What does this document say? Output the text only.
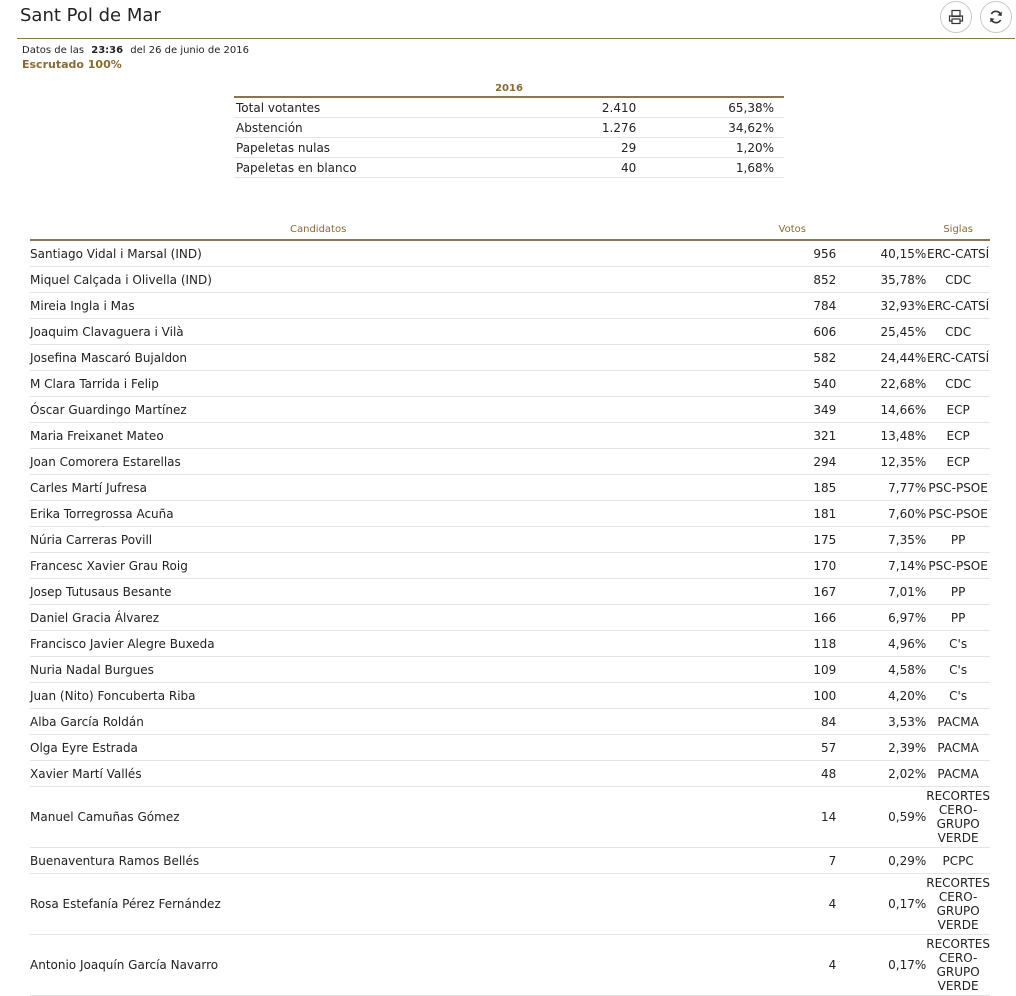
Sant Pol de Mar
Datos de las 23:36 del 26 de junio de 2016
Escrutado 100%
2016		
Total votantes	2.410	65,38%
Abstención	1.276	34,62%
Papeletas nulas	29	1,20%
Papeletas en blanco	40	1,68%
Candidatos	Votos		Siglas
Santiago Vidal i Marsal (IND)	956	40,15%	ERC-CATSÍ
Miquel Calçada i Olivella (IND)	852	35,78%	CDC
Mireia Ingla i Mas	784	32,93%	ERC-CATSÍ
Joaquim Clavaguera i Vilà	606	25,45%	CDC
Josefina Mascaró Bujaldon	582	24,44%	ERC-CATSÍ
M Clara Tarrida i Felip	540	22,68%	CDC
Óscar Guardingo Martínez	349	14,66%	ECP
Maria Freixanet Mateo	321	13,48%	ECP
Joan Comorera Estarellas	294	12,35%	ECP
Carles Martí Jufresa	185	7,77%	PSC-PSOE
Erika Torregrossa Acuña	181	7,60%	PSC-PSOE
Núria Carreras Povill	175	7,35%	PP
Francesc Xavier Grau Roig	170	7,14%	PSC-PSOE
Josep Tutusaus Besante	167	7,01%	PP
Daniel Gracia Álvarez	166	6,97%	PP
Francisco Javier Alegre Buxeda	118	4,96%	C's
Nuria Nadal Burgues	109	4,58%	C's
Juan (Nito) Foncuberta Riba	100	4,20%	C's
Alba García Roldán	84	3,53%	PACMA
Olga Eyre Estrada	57	2,39%	PACMA
Xavier Martí Vallés	48	2,02%	PACMA
Manuel Camuñas Gómez	14	0,59%	RECORTES CERO-GRUPO VERDE
Buenaventura Ramos Bellés	7	0,29%	PCPC
Rosa Estefanía Pérez Fernández	4	0,17%	RECORTES CERO-GRUPO VERDE
Antonio Joaquín García Navarro	4	0,17%	RECORTES CERO-GRUPO VERDE
